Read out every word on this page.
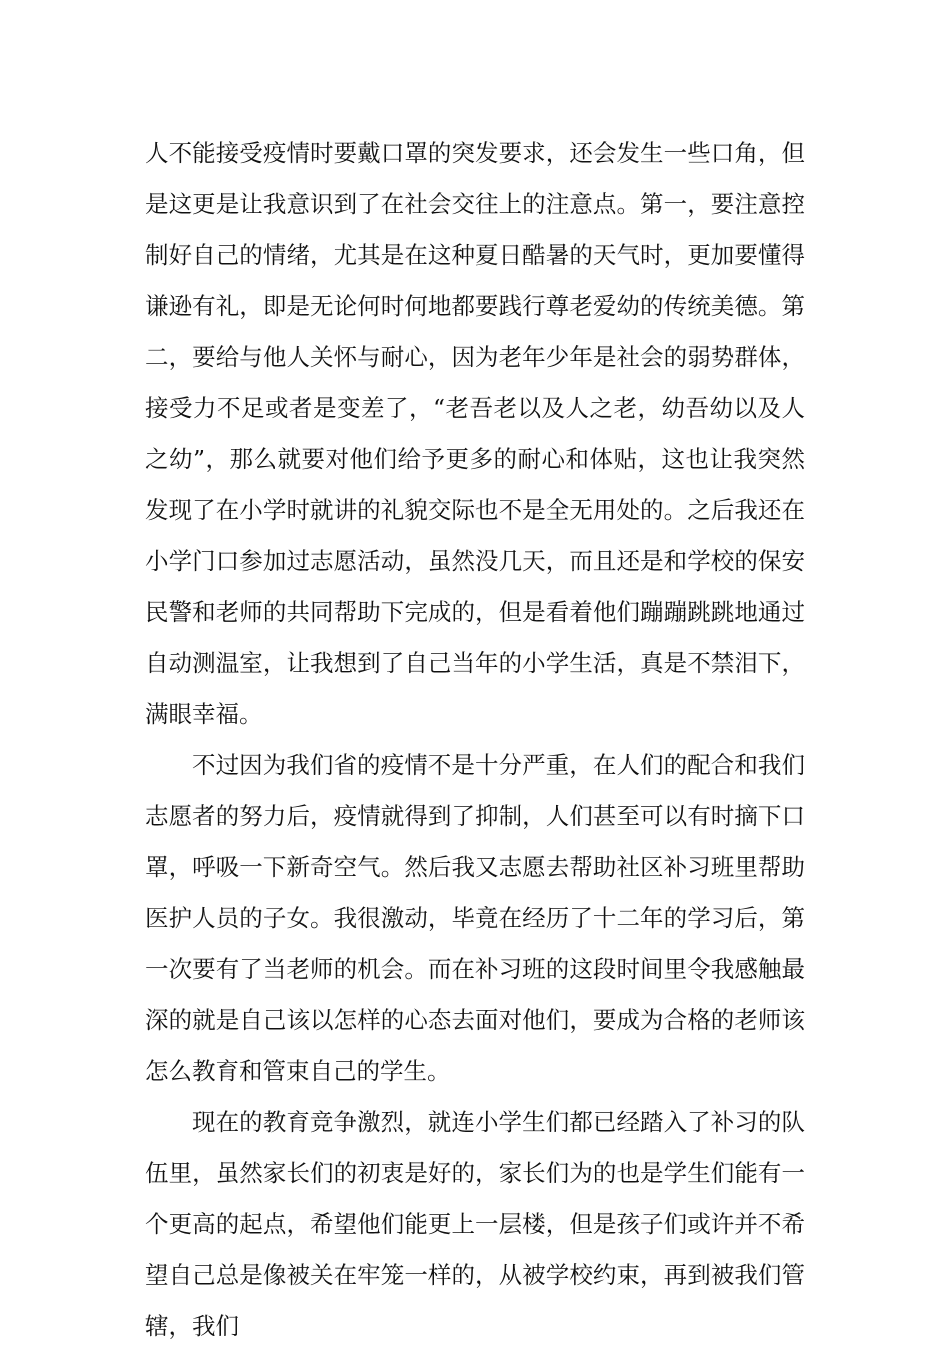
人不能接受疫情时要戴口罩的突发要求，还会发生一些口角，但是这更是让我意识到了在社会交往上的注意点。第一，要注意控制好自己的情绪，尤其是在这种夏日酷暑的天气时，更加要懂得谦逊有礼，即是无论何时何地都要践行尊老爱幼的传统美德。第二，要给与他人关怀与耐心，因为老年少年是社会的弱势群体，接受力不足或者是变差了，“老吾老以及人之老，幼吾幼以及人之幼”，那么就要对他们给予更多的耐心和体贴，这也让我突然发现了在小学时就讲的礼貌交际也不是全无用处的。之后我还在小学门口参加过志愿活动，虽然没几天，而且还是和学校的保安民警和老师的共同帮助下完成的，但是看着他们蹦蹦跳跳地通过自动测温室，让我想到了自己当年的小学生活，真是不禁泪下，满眼幸福。

不过因为我们省的疫情不是十分严重，在人们的配合和我们志愿者的努力后，疫情就得到了抑制，人们甚至可以有时摘下口罩，呼吸一下新奇空气。然后我又志愿去帮助社区补习班里帮助医护人员的子女。我很激动，毕竟在经历了十二年的学习后，第一次要有了当老师的机会。而在补习班的这段时间里令我感触最深的就是自己该以怎样的心态去面对他们，要成为合格的老师该怎么教育和管束自己的学生。

现在的教育竞争激烈，就连小学生们都已经踏入了补习的队伍里，虽然家长们的初衷是好的，家长们为的也是学生们能有一个更高的起点，希望他们能更上一层楼，但是孩子们或许并不希望自己总是像被关在牢笼一样的，从被学校约束，再到被我们管辖，我们
